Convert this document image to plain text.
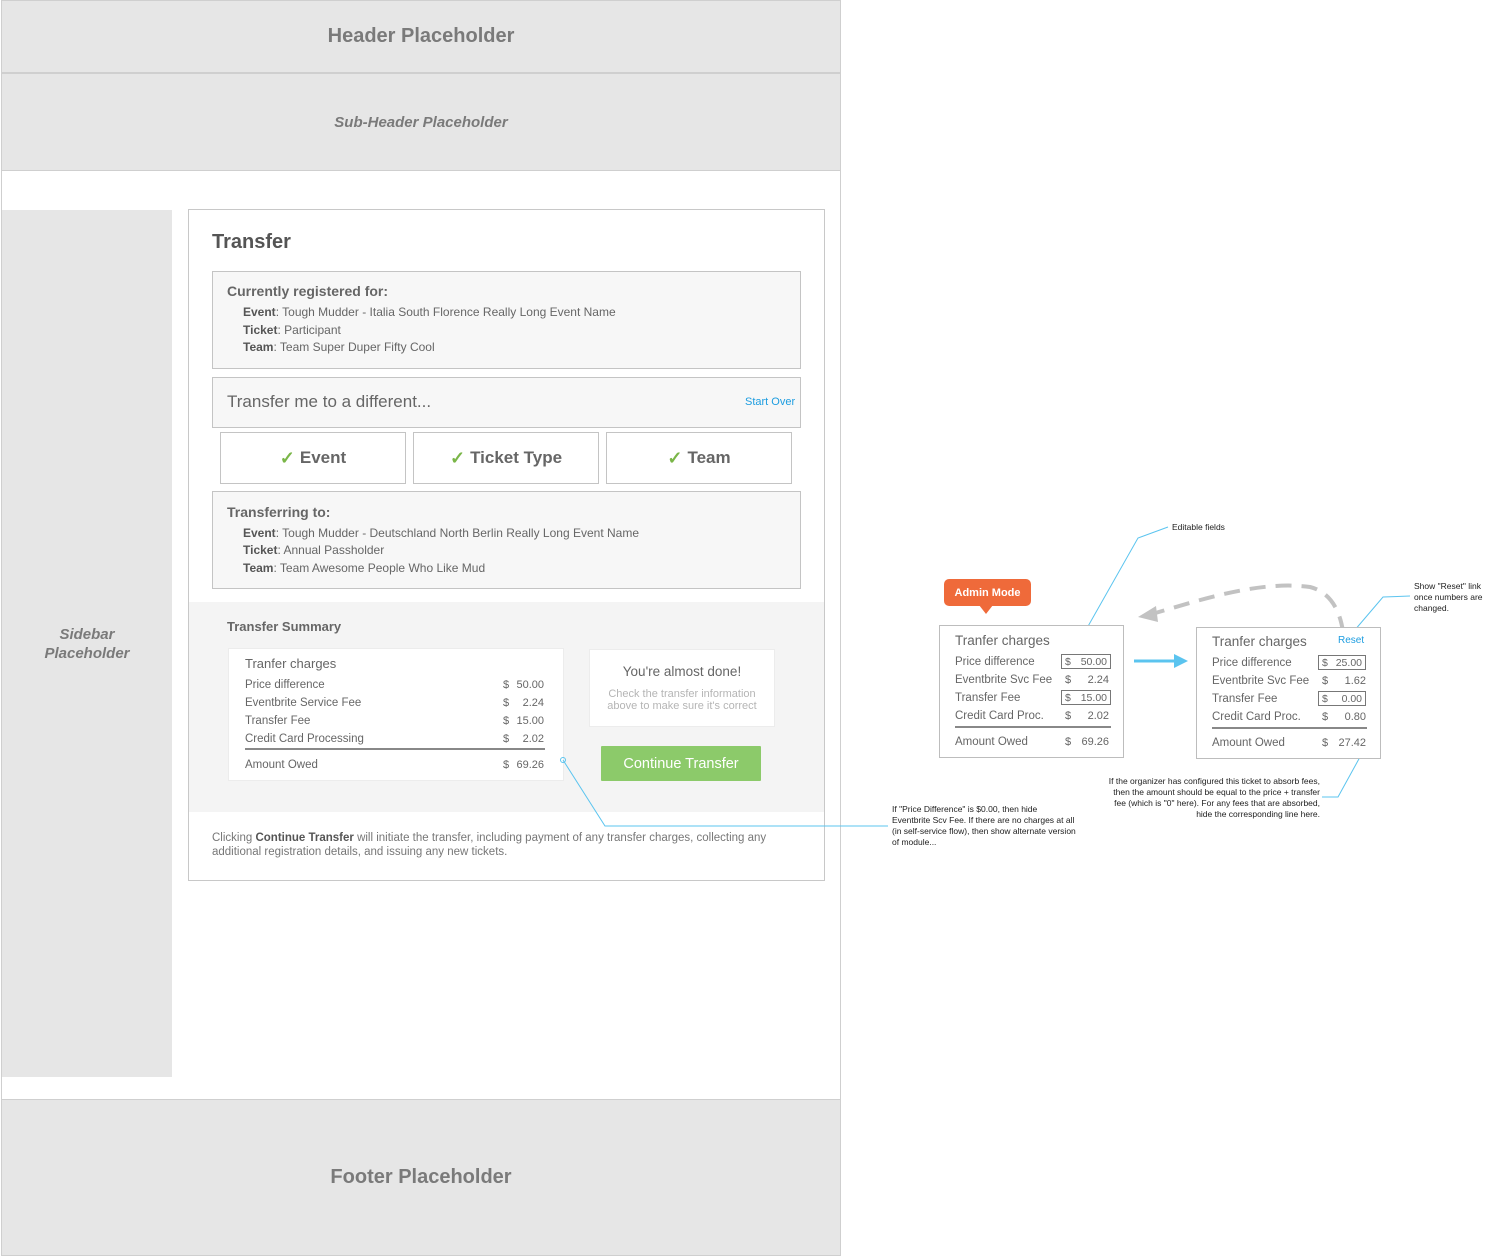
Header Placeholder
Sub-Header Placeholder
Sidebar
Placeholder
Footer Placeholder
Transfer
Currently registered for:
Event: Tough Mudder - Italia South Florence Really Long Event Name
Ticket: Participant
Team: Team Super Duper Fifty Cool
Transfer me to a different...	Start Over
✓ Event	✓ Ticket Type	✓ Team
Transferring to:
Event: Tough Mudder - Deutschland North Berlin Really Long Event Name
Ticket: Annual Passholder
Team: Team Awesome People Who Like Mud
Transfer Summary
Tranfer charges
Price difference	$ 50.00
Eventbrite Service Fee	$	2.24
Transfer Fee	$ 15.00
Credit Card Processing	$	2.02
Amount Owed	$ 69.26
You're almost done!
Check the transfer information above to make sure it's correct
Continue Transfer
Clicking Continue Transfer will initiate the transfer, including payment of any transfer charges, collecting any additional registration details, and issuing any new tickets.
Editable fields
Show "Reset" link once numbers are changed.
If "Price Difference" is $0.00, then hide Eventbrite Scv Fee. If there are no charges at all (in self-service flow), then show alternate version of module...
If the organizer has configured this ticket to absorb fees, then the amount should be equal to the price + transfer fee (which is "0" here). For any fees that are absorbed, hide the corresponding line here.
Admin Mode
Tranfer charges
Price difference	$ 50.00
Eventbrite Svc Fee $	2.24
Transfer Fee	$ 15.00
Credit Card Proc. $	2.02
Amount Owed	$ 69.26
Tranfer charges	Reset
Price difference	$ 25.00
Eventbrite Svc Fee $	1.62
Transfer Fee	$ 0.00
Credit Card Proc. $	0.80
Amount Owed	$ 27.42
